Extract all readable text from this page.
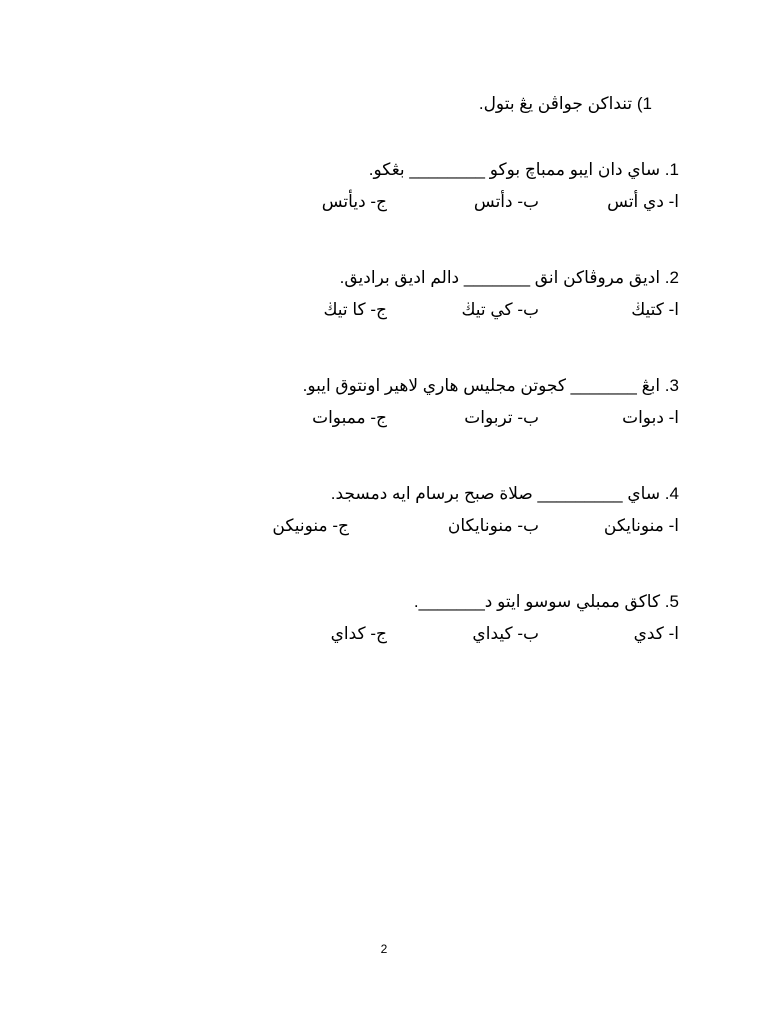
1) تنداکن جواڤن يڠ بتول.
1. ساي دان ايبو ممباچ بوکو ________ بڠکو.
ا- دي أتس
ب- دأتس
ج- ديأتس
2. اديق مروڤاکن انق _______ دالم اديق براديق.
ا- کتيڬ
ب- کي تيڬ
ج- کا تيڬ
3. ابڠ _______ کجوتن مجليس هاري لاهير اونتوق ايبو.
ا- دبوات
ب- تربوات
ج- ممبوات
4. ساي _________ صلاة صبح برسام ايه دمسجد.
ا- منونايکن
ب- منونايکان
ج- منونيکن
5. کاکق ممبلي سوسو ايتو د_______.
ا- کدي
ب- کيداي
ج- کداي
2
